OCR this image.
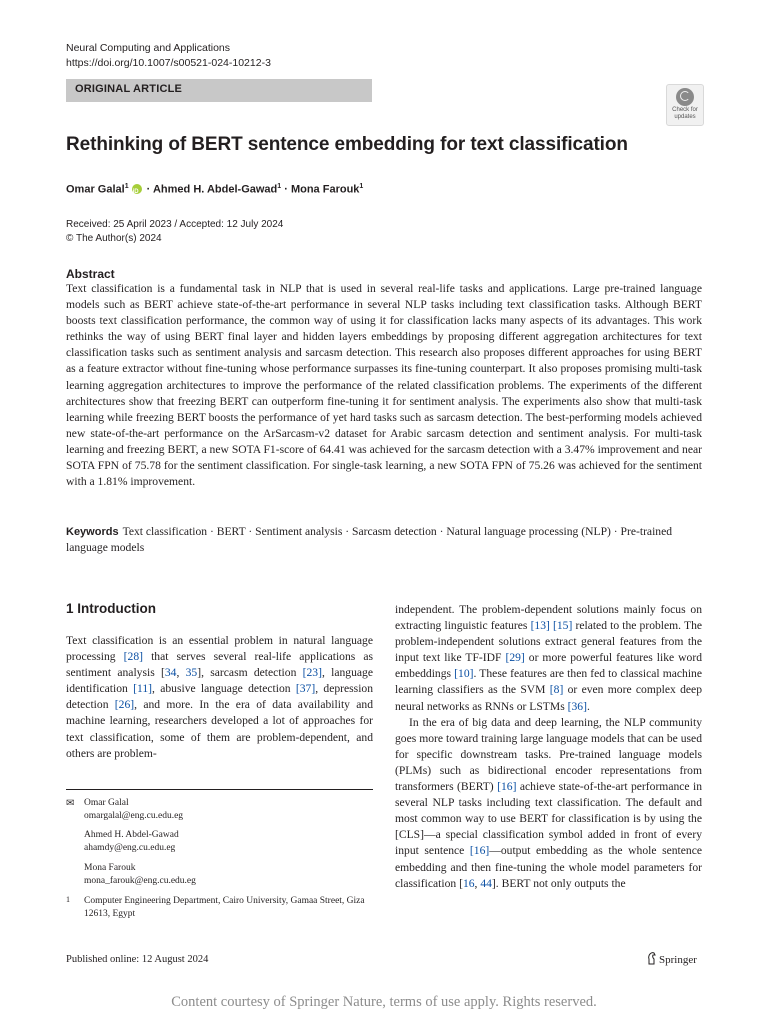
Neural Computing and Applications
https://doi.org/10.1007/s00521-024-10212-3
ORIGINAL ARTICLE
Check for updates
Rethinking of BERT sentence embedding for text classification
Omar Galal$^1$iD · Ahmed H. Abdel-Gawad$^1$ · Mona Farouk$^1$
Received: 25 April 2023 / Accepted: 12 July 2024
© The Author(s) 2024
Abstract
Text classification is a fundamental task in NLP that is used in several real-life tasks and applications. Large pre-trained language models such as BERT achieve state-of-the-art performance in several NLP tasks including text classification tasks. Although BERT boosts text classification performance, the common way of using it for classification lacks many aspects of its advantages. This work rethinks the way of using BERT final layer and hidden layers embeddings by proposing different aggregation architectures for text classification tasks such as sentiment analysis and sarcasm detection. This research also proposes different approaches for using BERT as a feature extractor without fine-tuning whose performance surpasses its fine-tuning counterpart. It also proposes promising multi-task learning aggregation architectures to improve the performance of the related classification problems. The experiments of the different architectures show that freezing BERT can outperform fine-tuning it for sentiment analysis. The experiments also show that multi-task learning while freezing BERT boosts the performance of yet hard tasks such as sarcasm detection. The best-performing models achieved new state-of-the-art performance on the ArSarcasm-v2 dataset for Arabic sarcasm detection and sentiment analysis. For multi-task learning and freezing BERT, a new SOTA F1-score of 64.41 was achieved for the sarcasm detection with a 3.47% improvement and near SOTA FPN of 75.78 for the sentiment classification. For single-task learning, a new SOTA FPN of 75.26 was achieved for the sentiment with a 1.81% improvement.
Keywords Text classification · BERT · Sentiment analysis · Sarcasm detection · Natural language processing (NLP) · Pre-trained language models
1 Introduction

Text classification is an essential problem in natural language processing [28] that serves several real-life applications as sentiment analysis [34, 35], sarcasm detection [23], language identification [11], abusive language detection [37], depression detection [26], and more. In the era of data availability and machine learning, researchers developed a lot of approaches for text classification, some of them are problem-dependent, and others are problem-

independent. The problem-dependent solutions mainly focus on extracting linguistic features [13] [15] related to the problem. The problem-independent solutions extract general features from the input text like TF-IDF [29] or more powerful features like word embeddings [10]. These features are then fed to classical machine learning classifiers as the SVM [8] or even more complex deep neural networks as RNNs or LSTMs [36].

In the era of big data and deep learning, the NLP community goes more toward training large language models that can be used for specific downstream tasks. Pre-trained language models (PLMs) such as bidirectional encoder representations from transformers (BERT) [16] achieve state-of-the-art performance in several NLP tasks including text classification. The default and most common way to use BERT for classification is by using the [CLS]—a special classification symbol added in front of every input sentence [16]—output embedding as the whole sentence embedding and then fine-tuning the whole model parameters for classification [16, 44]. BERT not only outputs the

✉ Omar Galal
omargalal@eng.cu.edu.eg
Ahmed H. Abdel-Gawad
ahamdy@eng.cu.edu.eg
Mona Farouk
mona_farouk@eng.cu.edu.eg
1 Computer Engineering Department, Cairo University, Gamaa Street, Giza 12613, Egypt
Published online: 12 August 2024	Springer
Content courtesy of Springer Nature, terms of use apply. Rights reserved.
